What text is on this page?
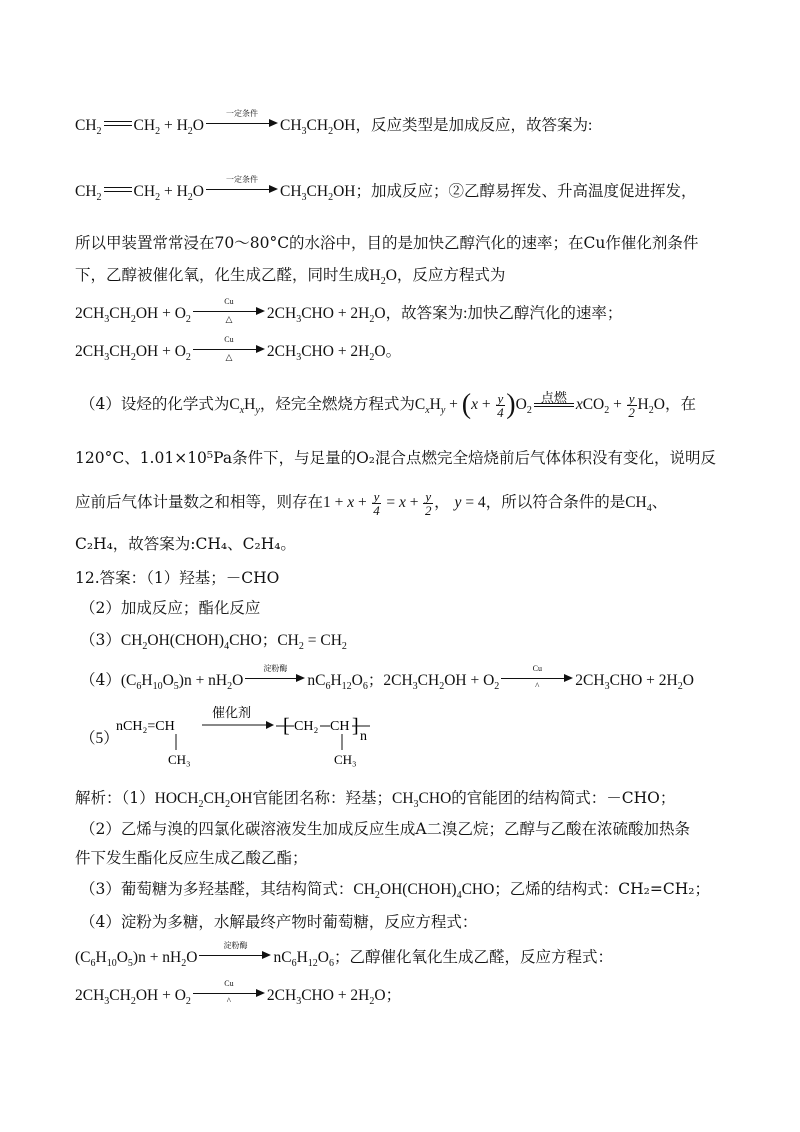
$CH_2$ $CH_2 + H_2O$
一定条件
$CH_3CH_2OH$，反应类型是加成反应，故答案为:
$CH_2$ $CH_2 + H_2O$
一定条件
$CH_3CH_2OH$；加成反应；②乙醇易挥发、升高温度促进挥发，
所以甲装置常常浸在70～80°C的水浴中，目的是加快乙醇汽化的速率；在Cu作催化剂条件
下，乙醇被催化氧，化生成乙醛，同时生成$H_2O$，反应方程式为
$2CH_3CH_2OH + O_2$
Cu
△	$2CH_3CHO + 2H_2O$，故答案为:加快乙醇汽化的速率；
$2CH_3CH_2OH + O_2$
Cu
△	$2CH_3CHO + 2H_2O$。
（4）设烃的化学式为$C_xH_y$，烃完全燃烧方程式为$C_xH_y + (x + \frac{y}{4} )O_2$
点燃 $xCO_2 + \frac{y}{2} H_2O$，在
120°C、1.01×10⁵Pa条件下，与足量的O₂混合点燃完全焙烧前后气体体积没有变化，说明反
应前后气体计量数之和相等，则存在$1 + x + \frac{y}{4} = x + \frac{y}{2}$ ， y = 4，所以符合条件的是$CH_4$、
C₂H₄，故答案为:CH₄、C₂H₄。
12.答案：（1）羟基；－CHO
（2）加成反应；酯化反应
$(3)CH_2OH(CHOH)_4CHO$；$CH_2 = CH_2$
$(4)(C_6H_{10}O_5)n + nH_2O$
淀粉酶
$nC_6H_{12}O_6$；$2CH_3CH_2OH + O_2$
Cu
^	$2CH_3CHO + 2H_2O$
（5）
nCH₂=CH
CH₃
催化剂
[ CH₂ CH
CH₃
] n
解析：$(1)HOCH_2CH_2OH$官能团名称：羟基；$CH_3CHO$的官能团的结构简式：－CHO；
（2）乙烯与溴的四氯化碳溶液发生加成反应生成A二溴乙烷；乙醇与乙酸在浓硫酸加热条
件下发生酯化反应生成乙酸乙酯；
（3）葡萄糖为多羟基醛，其结构简式：$CH_2OH(CHOH)_4CHO$；乙烯的结构式：CH₂=CH₂；
（4）淀粉为多糖，水解最终产物时葡萄糖，反应方程式：
$(C_6H_{10}O_5)n + nH_2O$
淀粉酶
$nC_6H_{12}O_6$；乙醇催化氧化生成乙醛，反应方程式：
$2CH_3CH_2OH + O_2$
Cu
^	$2CH_3CHO + 2H_2O$；
